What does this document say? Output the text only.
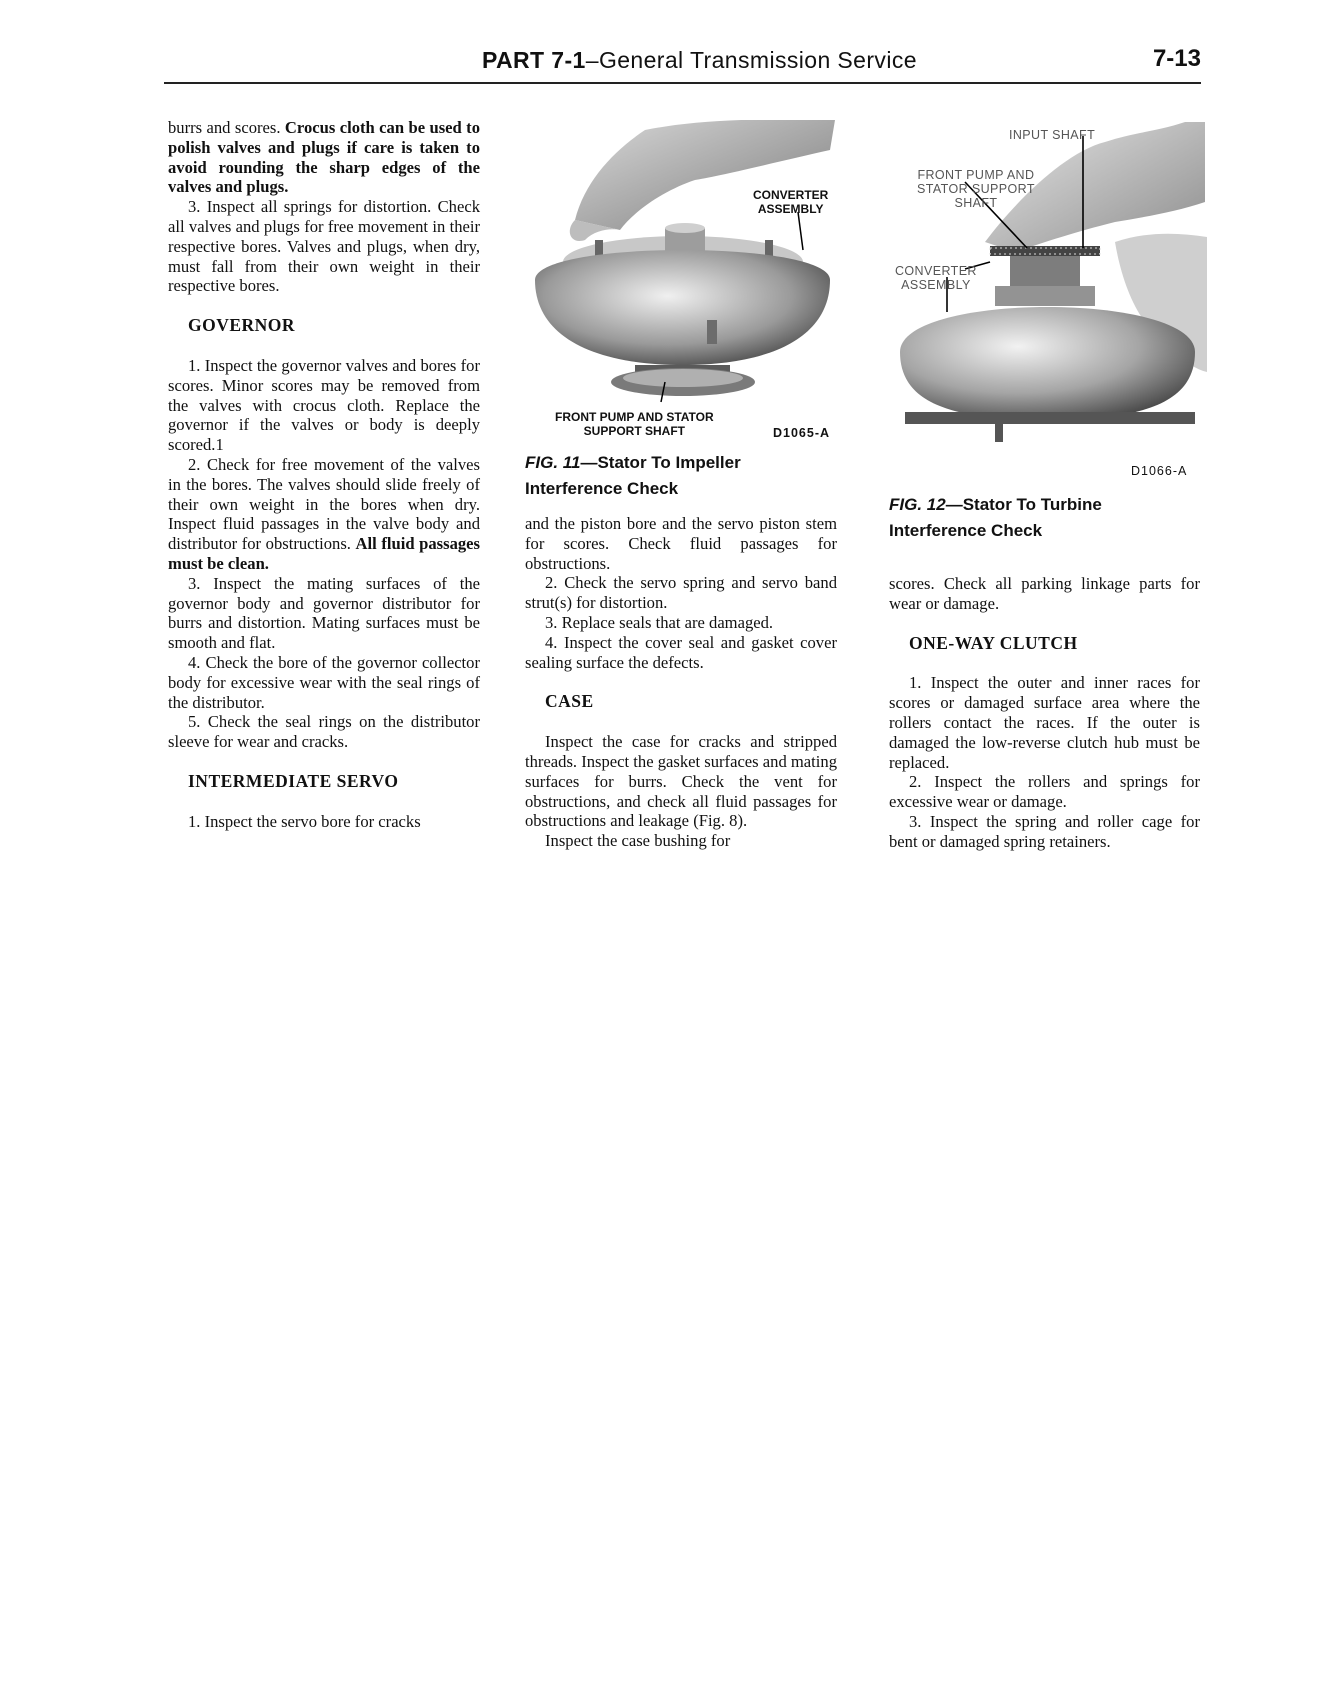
PART 7-1–General Transmission Service	7-13

burrs and scores. Crocus cloth can be used to polish valves and plugs if care is taken to avoid rounding the sharp edges of the valves and plugs.

3. Inspect all springs for distortion. Check all valves and plugs for free movement in their respective bores. Valves and plugs, when dry, must fall from their own weight in their respective bores.

GOVERNOR

1. Inspect the governor valves and bores for scores. Minor scores may be removed from the valves with crocus cloth. Replace the governor if the valves or body is deeply scored.1

2. Check for free movement of the valves in the bores. The valves should slide freely of their own weight in the bores when dry. Inspect fluid passages in the valve body and distributor for obstructions. All fluid passages must be clean.

3. Inspect the mating surfaces of the governor body and governor distributor for burrs and distortion. Mating surfaces must be smooth and flat.

4. Check the bore of the governor collector body for excessive wear with the seal rings of the distributor.

5. Check the seal rings on the distributor sleeve for wear and cracks.

INTERMEDIATE SERVO

1. Inspect the servo bore for cracks

CONVERTER
ASSEMBLY
FRONT PUMP AND STATOR
SUPPORT SHAFT	D1065-A
FIG. 11—Stator To Impeller
Interference Check

and the piston bore and the servo piston stem for scores. Check fluid passages for obstructions.

2. Check the servo spring and servo band strut(s) for distortion.

3. Replace seals that are damaged.

4. Inspect the cover seal and gasket cover sealing surface the defects.

CASE

Inspect the case for cracks and stripped threads. Inspect the gasket surfaces and mating surfaces for burrs. Check the vent for obstructions, and check all fluid passages for obstructions and leakage (Fig. 8).

Inspect the case bushing for

INPUT SHAFT
FRONT PUMP AND
STATOR SUPPORT
SHAFT
CONVERTER
ASSEMBLY
D1066-A
FIG. 12—Stator To Turbine
Interference Check

scores. Check all parking linkage parts for wear or damage.

ONE-WAY CLUTCH

1. Inspect the outer and inner races for scores or damaged surface area where the rollers contact the races. If the outer is damaged the low-reverse clutch hub must be replaced.

2. Inspect the rollers and springs for excessive wear or damage.

3. Inspect the spring and roller cage for bent or damaged spring retainers.
